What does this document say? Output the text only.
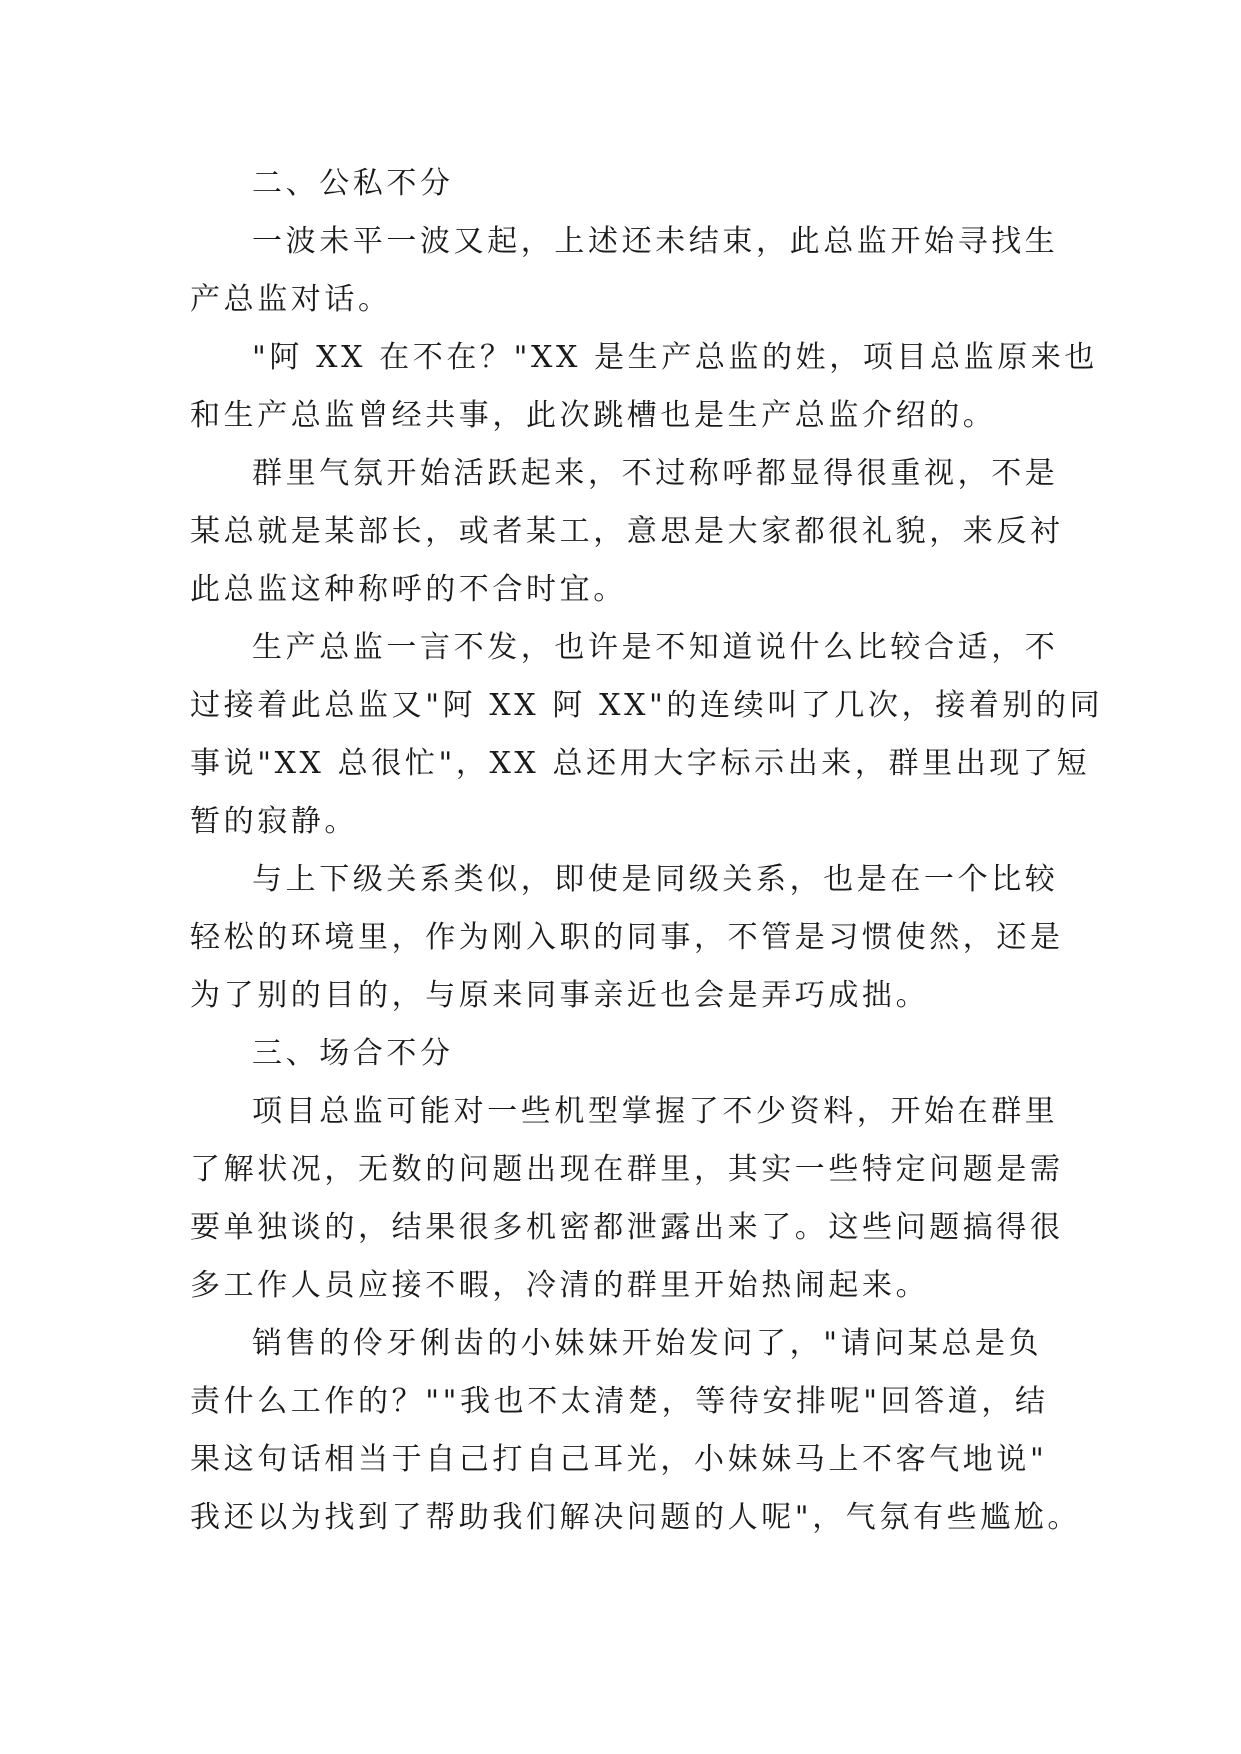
二、公私不分
一波未平一波又起，上述还未结束，此总监开始寻找生
产总监对话。
"阿 XX 在不在？"XX 是生产总监的姓，项目总监原来也
和生产总监曾经共事，此次跳槽也是生产总监介绍的。
群里气氛开始活跃起来，不过称呼都显得很重视，不是
某总就是某部长，或者某工，意思是大家都很礼貌，来反衬
此总监这种称呼的不合时宜。
生产总监一言不发，也许是不知道说什么比较合适，不
过接着此总监又"阿 XX 阿 XX"的连续叫了几次，接着别的同
事说"XX 总很忙"，XX 总还用大字标示出来，群里出现了短
暂的寂静。
与上下级关系类似，即使是同级关系，也是在一个比较
轻松的环境里，作为刚入职的同事，不管是习惯使然，还是
为了别的目的，与原来同事亲近也会是弄巧成拙。
三、场合不分
项目总监可能对一些机型掌握了不少资料，开始在群里
了解状况，无数的问题出现在群里，其实一些特定问题是需
要单独谈的，结果很多机密都泄露出来了。这些问题搞得很
多工作人员应接不暇，冷清的群里开始热闹起来。
销售的伶牙俐齿的小妹妹开始发问了，"请问某总是负
责什么工作的？""我也不太清楚，等待安排呢"回答道，结
果这句话相当于自己打自己耳光，小妹妹马上不客气地说"
我还以为找到了帮助我们解决问题的人呢"，气氛有些尴尬。
